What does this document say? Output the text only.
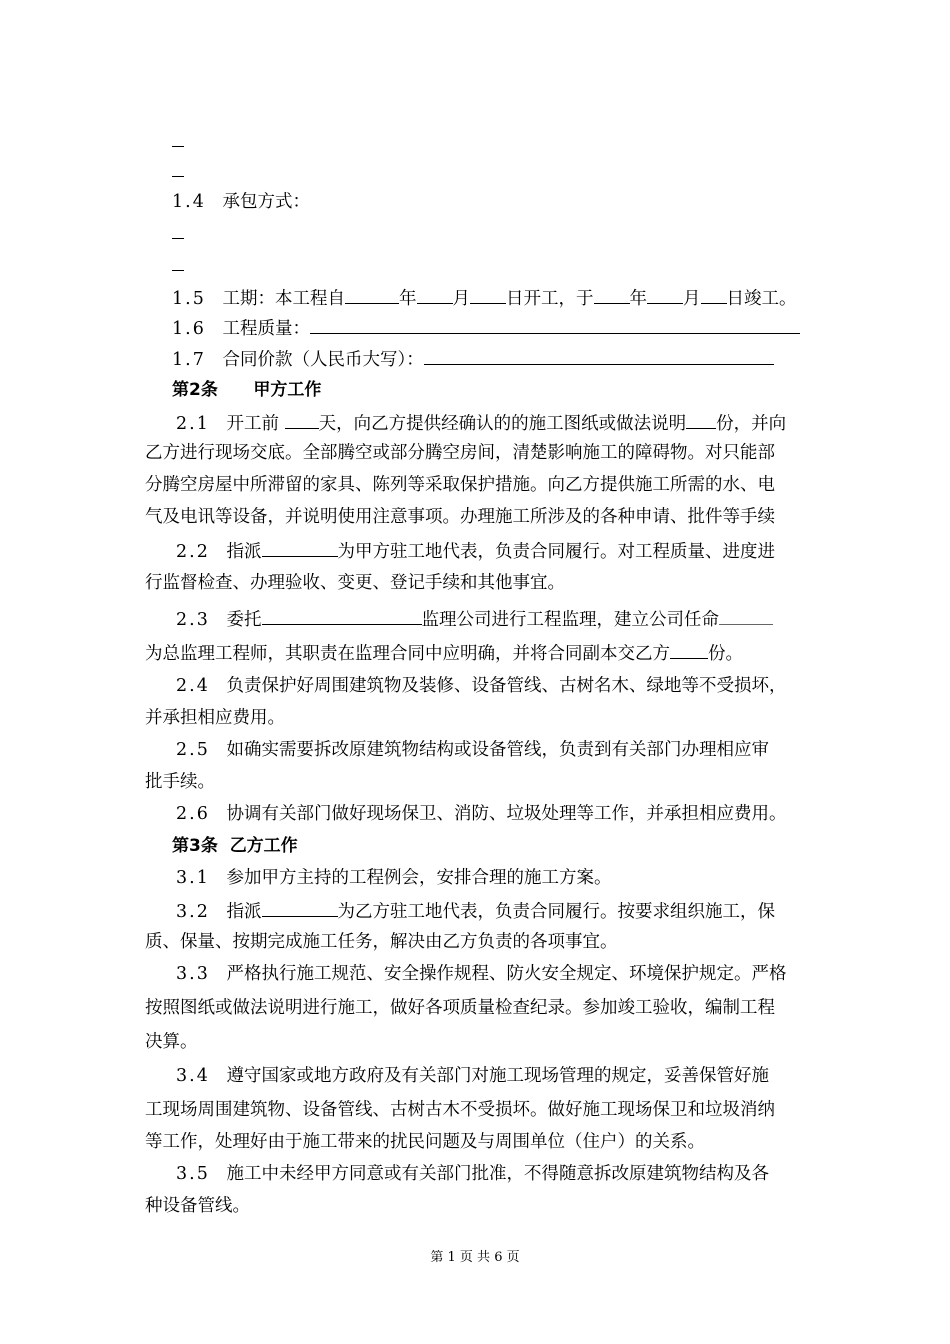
1.4 承包方式：
1.5 工期：本工程自	年 月 日开工，于 年 月 日竣工。
1.6 工程质量：
1.7 合同价款（人民币大写）：
第2条 甲方工作
2.1 开工前 天，向乙方提供经确认的的施工图纸或做法说明 份，并向
乙方进行现场交底。全部腾空或部分腾空房间，清楚影响施工的障碍物。对只能部
分腾空房屋中所滞留的家具、陈列等采取保护措施。向乙方提供施工所需的水、电
气及电讯等设备，并说明使用注意事项。办理施工所涉及的各种申请、批件等手续
2.2 指派	为甲方驻工地代表，负责合同履行。对工程质量、进度进
行监督检查、办理验收、变更、登记手续和其他事宜。
2.3 委托	监理公司进行工程监理，建立公司任命
为总监理工程师，其职责在监理合同中应明确，并将合同副本交乙方 份。
2.4 负责保护好周围建筑物及装修、设备管线、古树名木、绿地等不受损坏，
并承担相应费用。
2.5 如确实需要拆改原建筑物结构或设备管线，负责到有关部门办理相应审
批手续。
2.6 协调有关部门做好现场保卫、消防、垃圾处理等工作，并承担相应费用。
第3条 乙方工作
3.1 参加甲方主持的工程例会，安排合理的施工方案。
3.2 指派	为乙方驻工地代表，负责合同履行。按要求组织施工，保
质、保量、按期完成施工任务，解决由乙方负责的各项事宜。
3.3 严格执行施工规范、安全操作规程、防火安全规定、环境保护规定。严格
按照图纸或做法说明进行施工，做好各项质量检查纪录。参加竣工验收，编制工程
决算。
3.4 遵守国家或地方政府及有关部门对施工现场管理的规定，妥善保管好施
工现场周围建筑物、设备管线、古树古木不受损坏。做好施工现场保卫和垃圾消纳
等工作，处理好由于施工带来的扰民问题及与周围单位（住户）的关系。
3.5 施工中未经甲方同意或有关部门批准，不得随意拆改原建筑物结构及各
种设备管线。
第 1 页 共 6 页
